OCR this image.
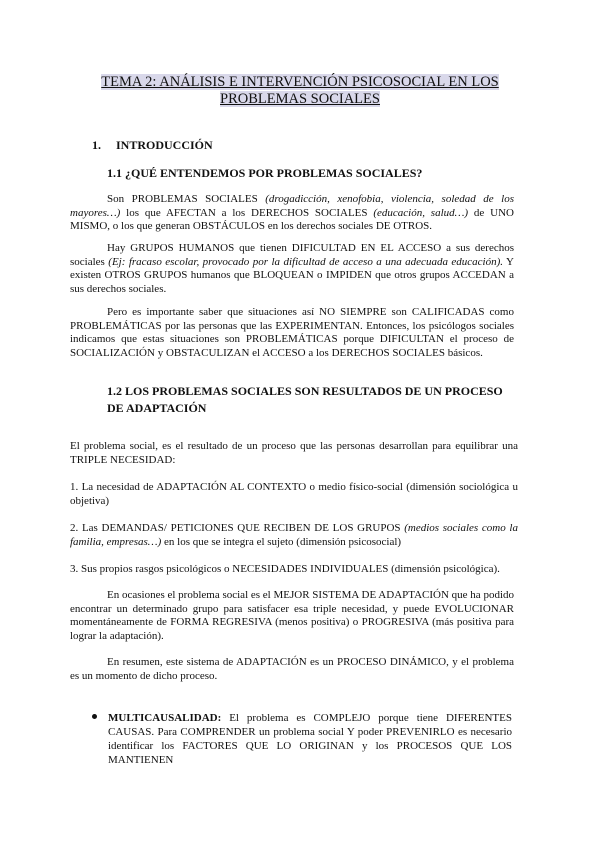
TEMA 2: ANÁLISIS E INTERVENCIÓN PSICOSOCIAL EN LOS
PROBLEMAS SOCIALES
1. INTRODUCCIÓN
1.1 ¿QUÉ ENTENDEMOS POR PROBLEMAS SOCIALES?
Son PROBLEMAS SOCIALES (drogadicción, xenofobia, violencia, soledad de los mayores…) los que AFECTAN a los DERECHOS SOCIALES (educación, salud…) de UNO MISMO, o los que generan OBSTÁCULOS en los derechos sociales DE OTROS.
Hay GRUPOS HUMANOS que tienen DIFICULTAD EN EL ACCESO a sus derechos sociales (Ej: fracaso escolar, provocado por la dificultad de acceso a una adecuada educación). Y existen OTROS GRUPOS humanos que BLOQUEAN o IMPIDEN que otros grupos ACCEDAN a sus derechos sociales.
Pero es importante saber que situaciones así NO SIEMPRE son CALIFICADAS como PROBLEMÁTICAS por las personas que las EXPERIMENTAN. Entonces, los psicólogos sociales indicamos que estas situaciones son PROBLEMÁTICAS porque DIFICULTAN el proceso de SOCIALIZACIÓN y OBSTACULIZAN el ACCESO a los DERECHOS SOCIALES básicos.
1.2 LOS PROBLEMAS SOCIALES SON RESULTADOS DE UN PROCESO DE ADAPTACIÓN
El problema social, es el resultado de un proceso que las personas desarrollan para equilibrar una TRIPLE NECESIDAD:
1. La necesidad de ADAPTACIÓN AL CONTEXTO o medio físico-social (dimensión sociológica u objetiva)
2. Las DEMANDAS/ PETICIONES QUE RECIBEN DE LOS GRUPOS (medios sociales como la familia, empresas…) en los que se integra el sujeto (dimensión psicosocial)
3. Sus propios rasgos psicológicos o NECESIDADES INDIVIDUALES (dimensión psicológica).
En ocasiones el problema social es el MEJOR SISTEMA DE ADAPTACIÓN que ha podido encontrar un determinado grupo para satisfacer esa triple necesidad, y puede EVOLUCIONAR momentáneamente de FORMA REGRESIVA (menos positiva) o PROGRESIVA (más positiva para lograr la adaptación).
En resumen, este sistema de ADAPTACIÓN es un PROCESO DINÁMICO, y el problema es un momento de dicho proceso.
MULTICAUSALIDAD: El problema es COMPLEJO porque tiene DIFERENTES CAUSAS. Para COMPRENDER un problema social Y poder PREVENIRLO es necesario identificar los FACTORES QUE LO ORIGINAN y los PROCESOS QUE LOS MANTIENEN
